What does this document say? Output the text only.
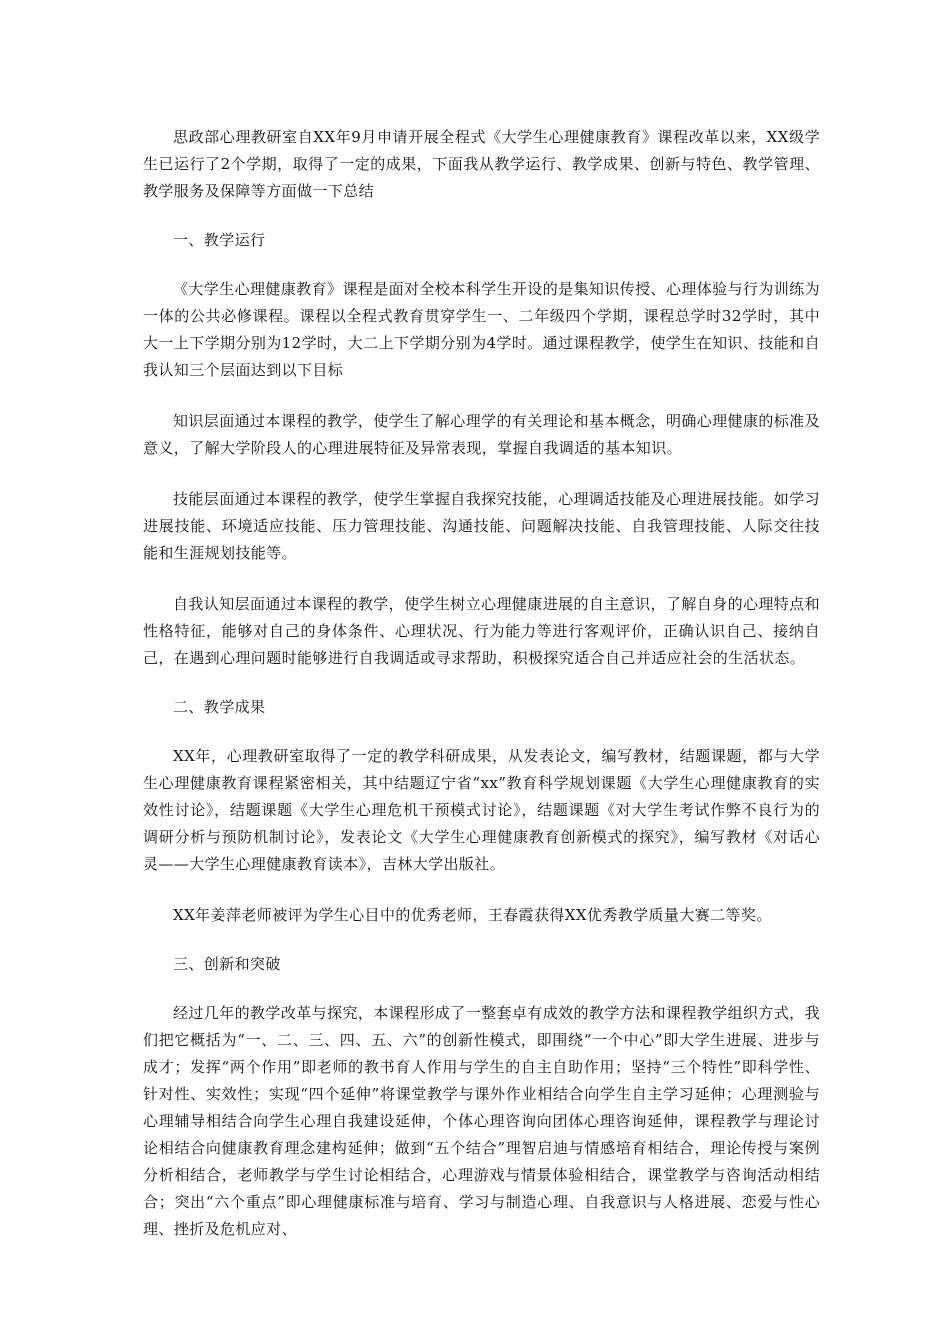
思政部心理教研室自XX年9月申请开展全程式《大学生心理健康教育》课程改革以来，XX级学生已运行了2个学期，取得了一定的成果，下面我从教学运行、教学成果、创新与特色、教学管理、教学服务及保障等方面做一下总结

一、教学运行

《大学生心理健康教育》课程是面对全校本科学生开设的是集知识传授、心理体验与行为训练为一体的公共必修课程。课程以全程式教育贯穿学生一、二年级四个学期，课程总学时32学时，其中大一上下学期分别为12学时，大二上下学期分别为4学时。通过课程教学，使学生在知识、技能和自我认知三个层面达到以下目标

知识层面通过本课程的教学，使学生了解心理学的有关理论和基本概念，明确心理健康的标准及意义，了解大学阶段人的心理进展特征及异常表现，掌握自我调适的基本知识。

技能层面通过本课程的教学，使学生掌握自我探究技能，心理调适技能及心理进展技能。如学习进展技能、环境适应技能、压力管理技能、沟通技能、问题解决技能、自我管理技能、人际交往技能和生涯规划技能等。

自我认知层面通过本课程的教学，使学生树立心理健康进展的自主意识，了解自身的心理特点和性格特征，能够对自己的身体条件、心理状况、行为能力等进行客观评价，正确认识自己、接纳自己，在遇到心理问题时能够进行自我调适或寻求帮助，积极探究适合自己并适应社会的生活状态。

二、教学成果

XX年，心理教研室取得了一定的教学科研成果，从发表论文，编写教材，结题课题，都与大学生心理健康教育课程紧密相关，其中结题辽宁省“xx”教育科学规划课题《大学生心理健康教育的实效性讨论》，结题课题《大学生心理危机干预模式讨论》，结题课题《对大学生考试作弊不良行为的调研分析与预防机制讨论》，发表论文《大学生心理健康教育创新模式的探究》，编写教材《对话心灵——大学生心理健康教育读本》，吉林大学出版社。

XX年姜萍老师被评为学生心目中的优秀老师，王春霞获得XX优秀教学质量大赛二等奖。

三、创新和突破

经过几年的教学改革与探究，本课程形成了一整套卓有成效的教学方法和课程教学组织方式，我们把它概括为“一、二、三、四、五、六”的创新性模式，即围绕“一个中心”即大学生进展、进步与成才；发挥“两个作用”即老师的教书育人作用与学生的自主自助作用；坚持“三个特性”即科学性、针对性、实效性；实现“四个延伸”将课堂教学与课外作业相结合向学生自主学习延伸；心理测验与心理辅导相结合向学生心理自我建设延伸，个体心理咨询向团体心理咨询延伸，课程教学与理论讨论相结合向健康教育理念建构延伸；做到“五个结合”理智启迪与情感培育相结合，理论传授与案例分析相结合，老师教学与学生讨论相结合，心理游戏与情景体验相结合，课堂教学与咨询活动相结合；突出“六个重点”即心理健康标准与培育、学习与制造心理、自我意识与人格进展、恋爱与性心理、挫折及危机应对、
